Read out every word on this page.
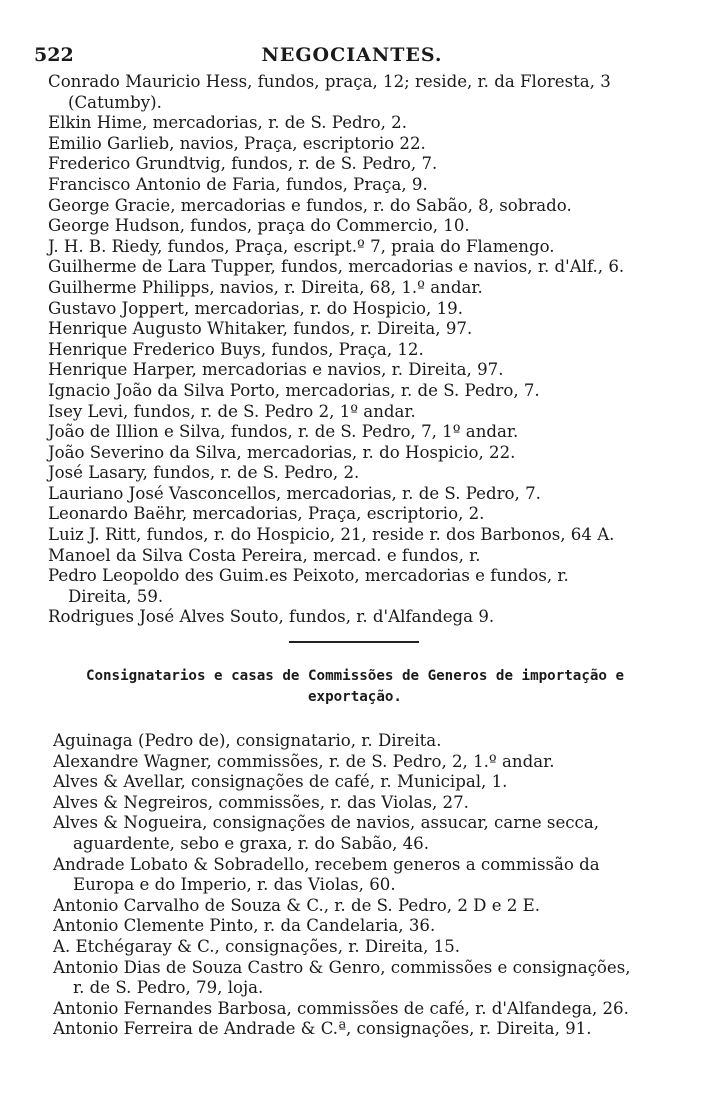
522	NEGOCIANTES.

Conrado Mauricio Hess, fundos, praça, 12; reside, r. da Floresta, 3 (Catumby).

Elkin Hime, mercadorias, r. de S. Pedro, 2.

Emilio Garlieb, navios, Praça, escriptorio 22.

Frederico Grundtvig, fundos, r. de S. Pedro, 7.

Francisco Antonio de Faria, fundos, Praça, 9.

George Gracie, mercadorias e fundos, r. do Sabão, 8, sobrado.

George Hudson, fundos, praça do Commercio, 10.

J. H. B. Riedy, fundos, Praça, escript.º 7, praia do Flamengo.

Guilherme de Lara Tupper, fundos, mercadorias e navios, r. d'Alf., 6.

Guilherme Philipps, navios, r. Direita, 68, 1.º andar.

Gustavo Joppert, mercadorias, r. do Hospicio, 19.

Henrique Augusto Whitaker, fundos, r. Direita, 97.

Henrique Frederico Buys, fundos, Praça, 12.

Henrique Harper, mercadorias e navios, r. Direita, 97.

Ignacio João da Silva Porto, mercadorias, r. de S. Pedro, 7.

Isey Levi, fundos, r. de S. Pedro 2, 1º andar.

João de Illion e Silva, fundos, r. de S. Pedro, 7, 1º andar.

João Severino da Silva, mercadorias, r. do Hospicio, 22.

José Lasary, fundos, r. de S. Pedro, 2.

Lauriano José Vasconcellos, mercadorias, r. de S. Pedro, 7.

Leonardo Baëhr, mercadorias, Praça, escriptorio, 2.

Luiz J. Ritt, fundos, r. do Hospicio, 21, reside r. dos Barbonos, 64 A.

Manoel da Silva Costa Pereira, mercad. e fundos, r.

Pedro Leopoldo des Guim.es Peixoto, mercadorias e fundos, r. Direita, 59.

Rodrigues José Alves Souto, fundos, r. d'Alfandega 9.

Consignatarios e casas de Commissões de Generos de importação e
exportação.

Aguinaga (Pedro de), consignatario, r. Direita.

Alexandre Wagner, commissões, r. de S. Pedro, 2, 1.º andar.

Alves & Avellar, consignações de café, r. Municipal, 1.

Alves & Negreiros, commissões, r. das Violas, 27.

Alves & Nogueira, consignações de navios, assucar, carne secca, aguardente, sebo e graxa, r. do Sabão, 46.

Andrade Lobato & Sobradello, recebem generos a commissão da Europa e do Imperio, r. das Violas, 60.

Antonio Carvalho de Souza & C., r. de S. Pedro, 2 D e 2 E.

Antonio Clemente Pinto, r. da Candelaria, 36.

A. Etchégaray & C., consignações, r. Direita, 15.

Antonio Dias de Souza Castro & Genro, commissões e consignações, r. de S. Pedro, 79, loja.

Antonio Fernandes Barbosa, commissões de café, r. d'Alfandega, 26.

Antonio Ferreira de Andrade & C.ª, consignações, r. Direita, 91.
